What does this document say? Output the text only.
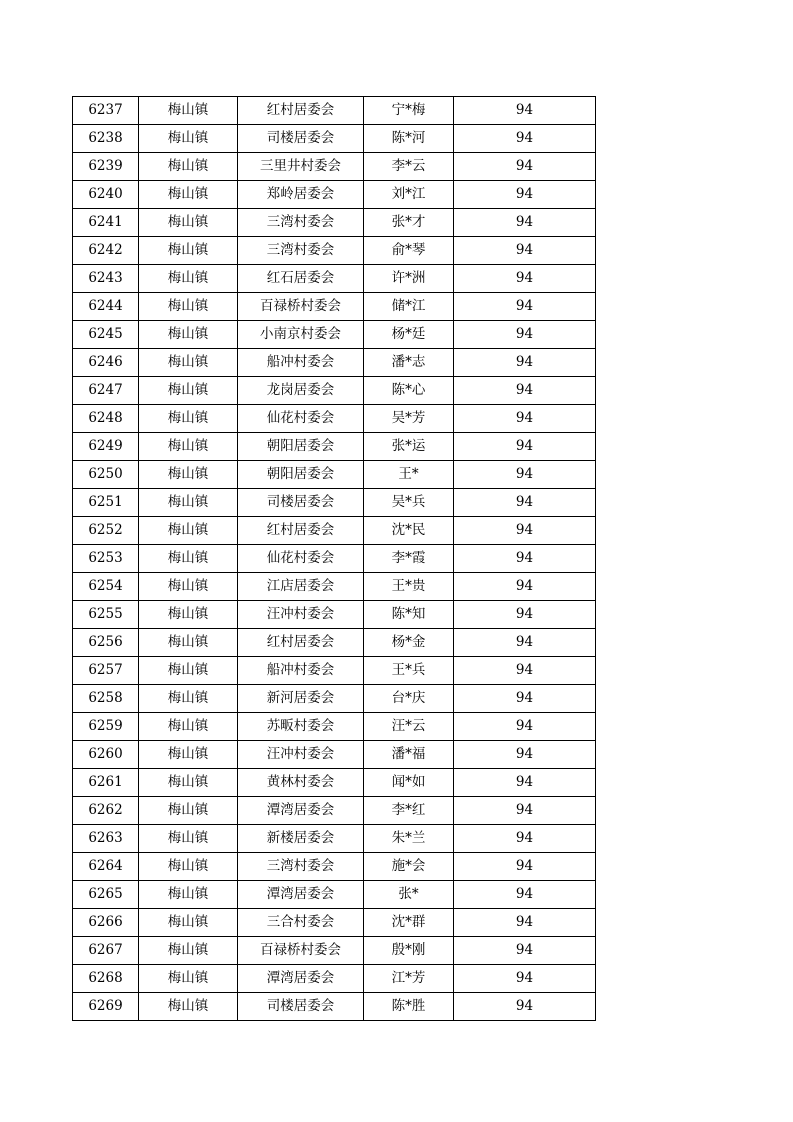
6237	梅山镇	红村居委会	宁*梅	94
6238	梅山镇	司楼居委会	陈*河	94
6239	梅山镇	三里井村委会	李*云	94
6240	梅山镇	郑岭居委会	刘*江	94
6241	梅山镇	三湾村委会	张*才	94
6242	梅山镇	三湾村委会	俞*琴	94
6243	梅山镇	红石居委会	许*洲	94
6244	梅山镇	百禄桥村委会	储*江	94
6245	梅山镇	小南京村委会	杨*廷	94
6246	梅山镇	船冲村委会	潘*志	94
6247	梅山镇	龙岗居委会	陈*心	94
6248	梅山镇	仙花村委会	吴*芳	94
6249	梅山镇	朝阳居委会	张*运	94
6250	梅山镇	朝阳居委会	王*	94
6251	梅山镇	司楼居委会	吴*兵	94
6252	梅山镇	红村居委会	沈*民	94
6253	梅山镇	仙花村委会	李*霞	94
6254	梅山镇	江店居委会	王*贵	94
6255	梅山镇	汪冲村委会	陈*知	94
6256	梅山镇	红村居委会	杨*金	94
6257	梅山镇	船冲村委会	王*兵	94
6258	梅山镇	新河居委会	台*庆	94
6259	梅山镇	苏畈村委会	汪*云	94
6260	梅山镇	汪冲村委会	潘*福	94
6261	梅山镇	黄林村委会	闻*如	94
6262	梅山镇	潭湾居委会	李*红	94
6263	梅山镇	新楼居委会	朱*兰	94
6264	梅山镇	三湾村委会	施*会	94
6265	梅山镇	潭湾居委会	张*	94
6266	梅山镇	三合村委会	沈*群	94
6267	梅山镇	百禄桥村委会	殷*刚	94
6268	梅山镇	潭湾居委会	江*芳	94
6269	梅山镇	司楼居委会	陈*胜	94
